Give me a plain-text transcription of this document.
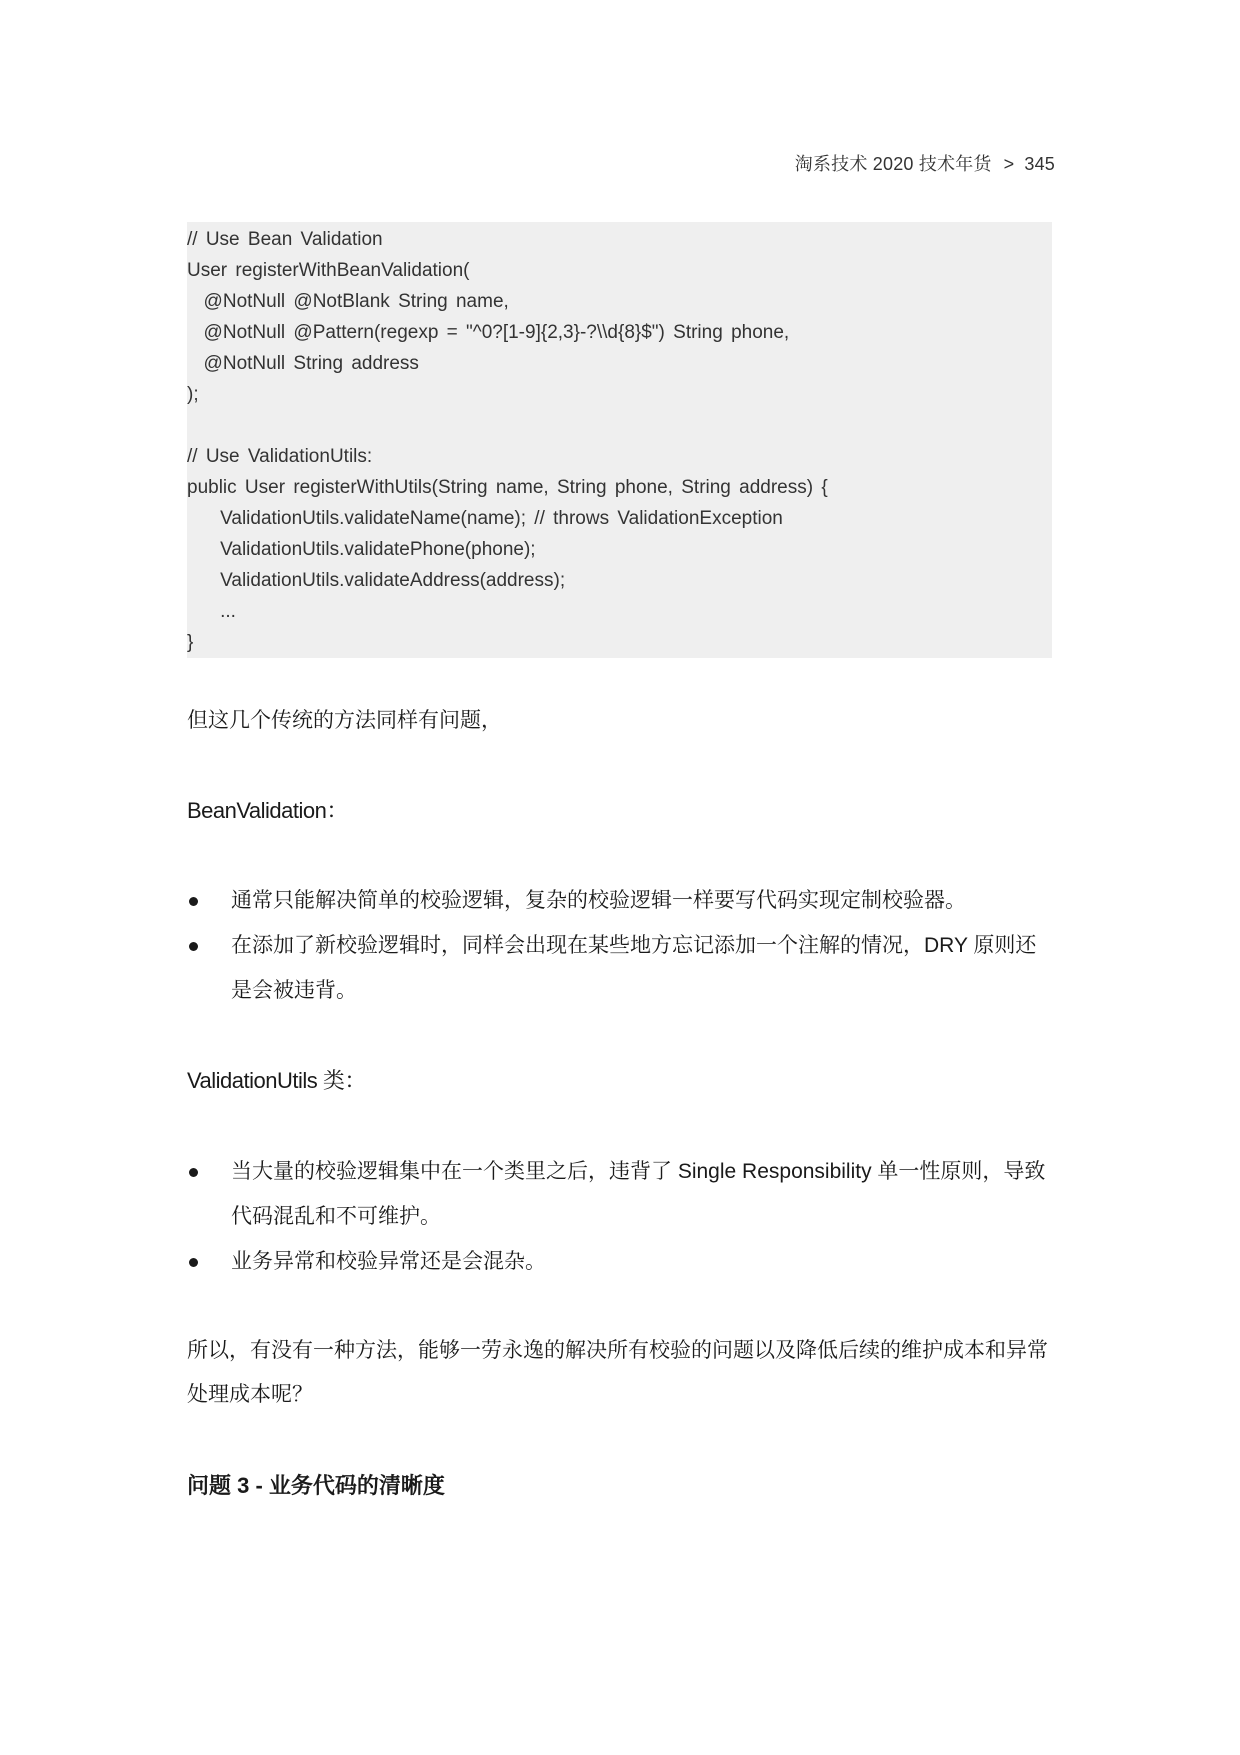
淘系技术 2020 技术年货 > 345
// Use Bean Validation
User registerWithBeanValidation(
@NotNull @NotBlank String name,
@NotNull @Pattern(regexp = "^0?[1-9]{2,3}-?\\d{8}$") String phone,
@NotNull String address
);
// Use ValidationUtils:
public User registerWithUtils(String name, String phone, String address) {
ValidationUtils.validateName(name); // throws ValidationException
ValidationUtils.validatePhone(phone);
ValidationUtils.validateAddress(address);
...
}
但这几个传统的方法同样有问题，
BeanValidation：
通常只能解决简单的校验逻辑，复杂的校验逻辑一样要写代码实现定制校验器。
在添加了新校验逻辑时，同样会出现在某些地方忘记添加一个注解的情况，DRY 原则还是会被违背。
ValidationUtils 类：
当大量的校验逻辑集中在一个类里之后，违背了 Single Responsibility 单一性原则，导致代码混乱和不可维护。
业务异常和校验异常还是会混杂。
所以，有没有一种方法，能够一劳永逸的解决所有校验的问题以及降低后续的维护成本和异常处理成本呢？
问题 3 - 业务代码的清晰度
